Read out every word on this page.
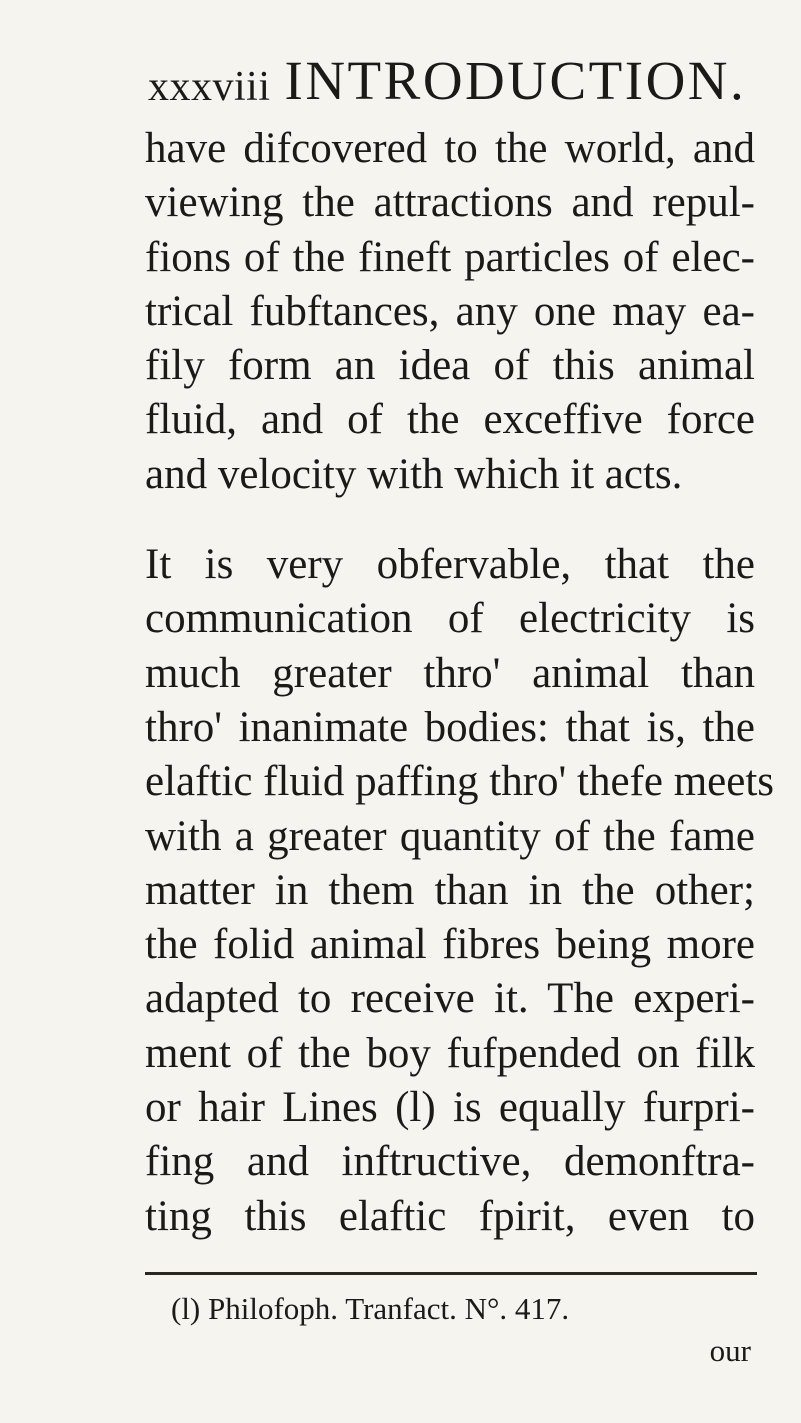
xxxviii INTRODUCTION.
have difcovered to the world, and
viewing the attractions and repul-
fions of the fineft particles of elec-
trical fubftances, any one may ea-
fily form an idea of this animal
fluid, and of the exceffive force
and velocity with which it acts.
It is very obfervable, that the
communication of electricity is
much greater thro' animal than
thro' inanimate bodies: that is, the
elaftic fluid paffing thro' thefe meets
with a greater quantity of the fame
matter in them than in the other;
the folid animal fibres being more
adapted to receive it. The experi-
ment of the boy fufpended on filk
or hair Lines (l) is equally furpri-
fing and inftructive, demonftra-
ting this elaftic fpirit, even to
(l) Philofoph. Tranfact. N°. 417.
our
